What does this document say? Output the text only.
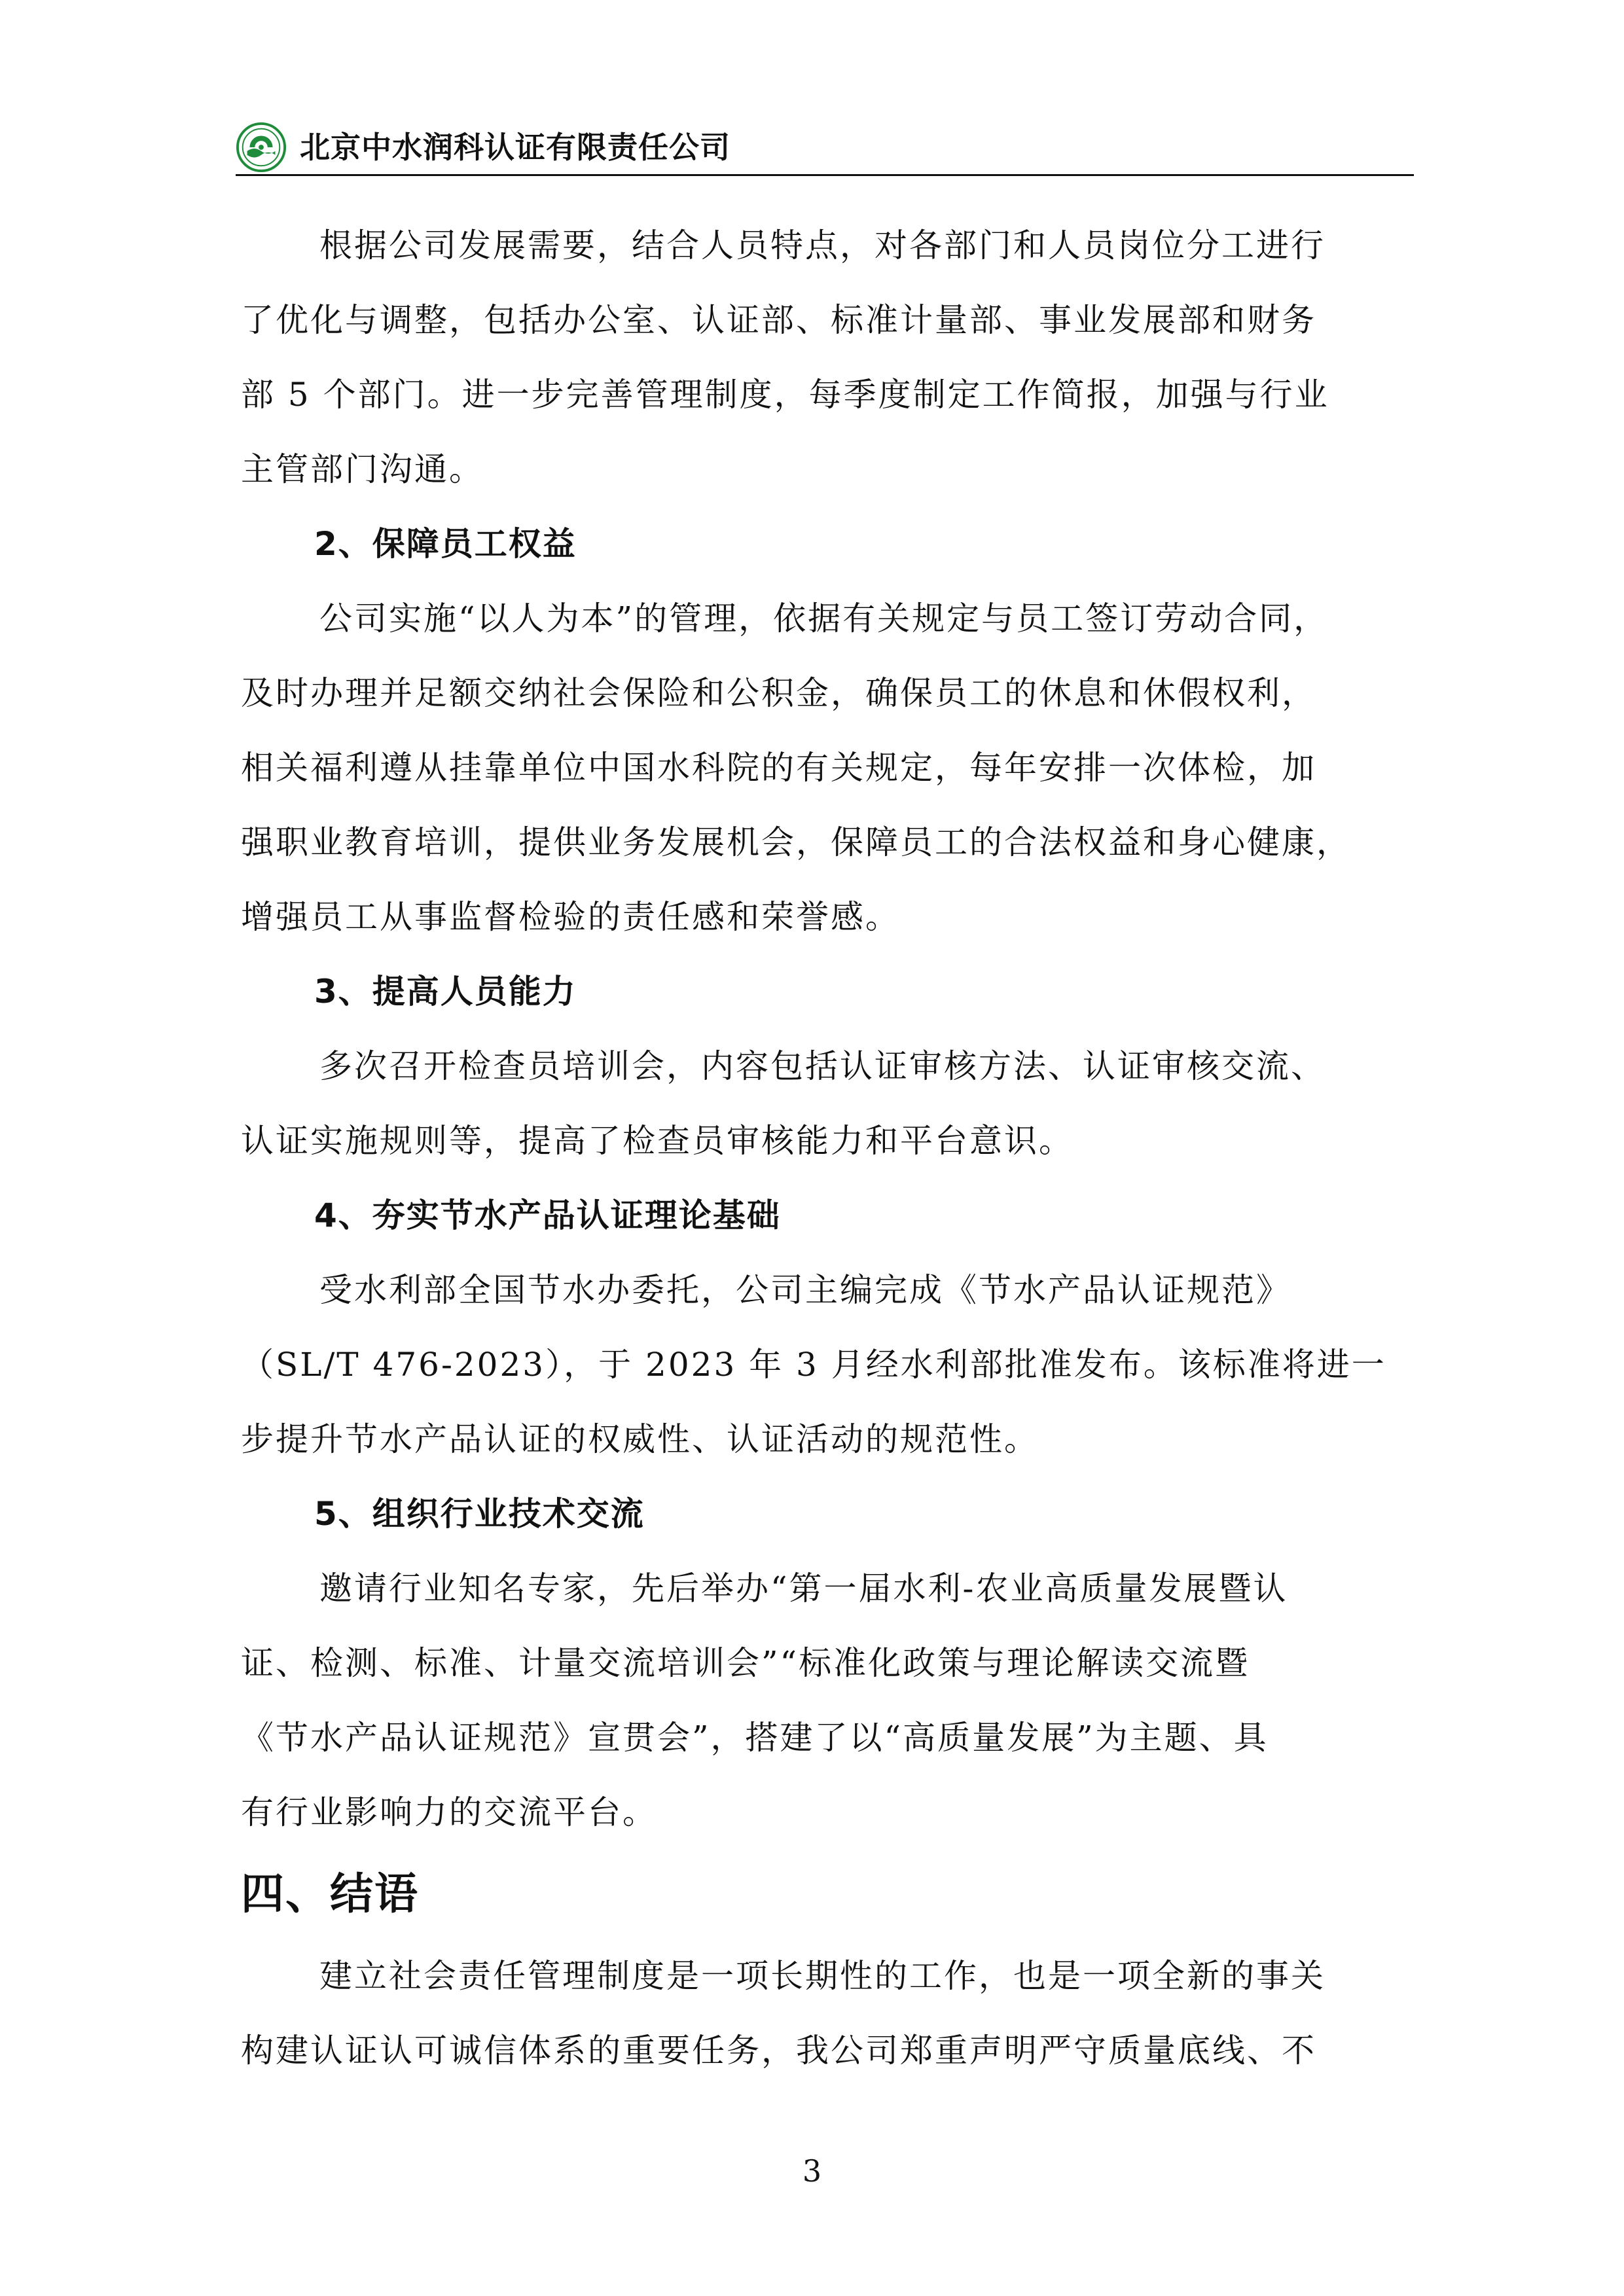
北京中水润科认证有限责任公司
根据公司发展需要，结合人员特点，对各部门和人员岗位分工进行
了优化与调整，包括办公室、认证部、标准计量部、事业发展部和财务
部 5 个部门。进一步完善管理制度，每季度制定工作简报，加强与行业
主管部门沟通。
2、保障员工权益
公司实施“以人为本”的管理，依据有关规定与员工签订劳动合同，
及时办理并足额交纳社会保险和公积金，确保员工的休息和休假权利，
相关福利遵从挂靠单位中国水科院的有关规定，每年安排一次体检，加
强职业教育培训，提供业务发展机会，保障员工的合法权益和身心健康，
增强员工从事监督检验的责任感和荣誉感。
3、提高人员能力
多次召开检查员培训会，内容包括认证审核方法、认证审核交流、
认证实施规则等，提高了检查员审核能力和平台意识。
4、夯实节水产品认证理论基础
受水利部全国节水办委托，公司主编完成《节水产品认证规范》
（SL/T 476-2023），于 2023 年 3 月经水利部批准发布。该标准将进一
步提升节水产品认证的权威性、认证活动的规范性。
5、组织行业技术交流
邀请行业知名专家，先后举办“第一届水利-农业高质量发展暨认
证、检测、标准、计量交流培训会”“标准化政策与理论解读交流暨
《节水产品认证规范》宣贯会”，搭建了以“高质量发展”为主题、具
有行业影响力的交流平台。
四、结语
建立社会责任管理制度是一项长期性的工作，也是一项全新的事关
构建认证认可诚信体系的重要任务，我公司郑重声明严守质量底线、不
3
